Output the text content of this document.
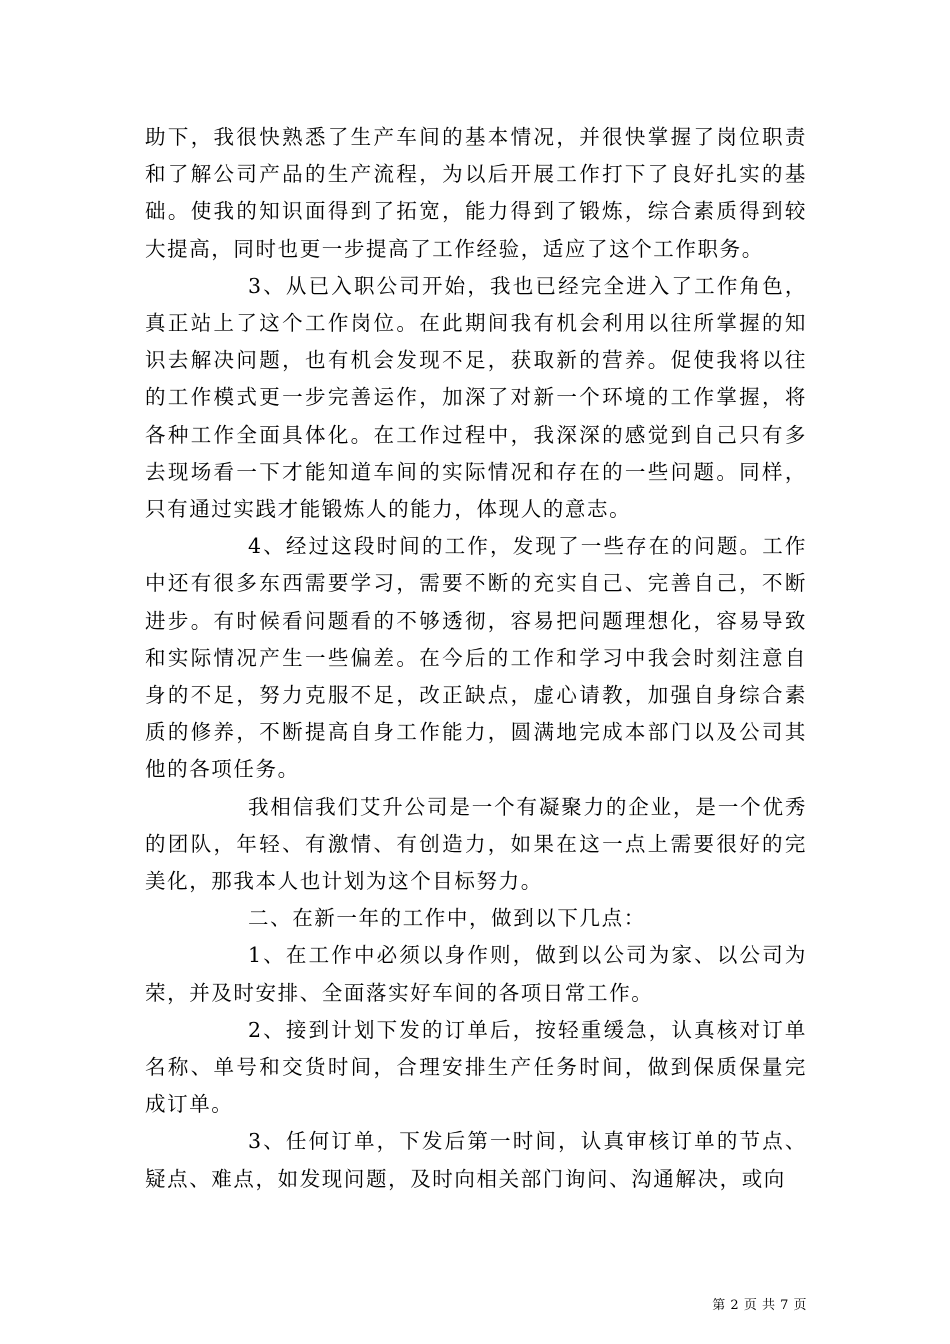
助下，我很快熟悉了生产车间的基本情况，并很快掌握了岗位职责和了解公司产品的生产流程，为以后开展工作打下了良好扎实的基础。使我的知识面得到了拓宽，能力得到了锻炼，综合素质得到较大提高，同时也更一步提高了工作经验，适应了这个工作职务。

3、从已入职公司开始，我也已经完全进入了工作角色，真正站上了这个工作岗位。在此期间我有机会利用以往所掌握的知识去解决问题，也有机会发现不足，获取新的营养。促使我将以往的工作模式更一步完善运作，加深了对新一个环境的工作掌握，将各种工作全面具体化。在工作过程中，我深深的感觉到自己只有多去现场看一下才能知道车间的实际情况和存在的一些问题。同样，只有通过实践才能锻炼人的能力，体现人的意志。

4、经过这段时间的工作，发现了一些存在的问题。工作中还有很多东西需要学习，需要不断的充实自己、完善自己，不断进步。有时候看问题看的不够透彻，容易把问题理想化，容易导致和实际情况产生一些偏差。在今后的工作和学习中我会时刻注意自身的不足，努力克服不足，改正缺点，虚心请教，加强自身综合素质的修养，不断提高自身工作能力，圆满地完成本部门以及公司其他的各项任务。

我相信我们艾升公司是一个有凝聚力的企业，是一个优秀的团队，年轻、有激情、有创造力，如果在这一点上需要很好的完美化，那我本人也计划为这个目标努力。

二、在新一年的工作中，做到以下几点：

1、在工作中必须以身作则，做到以公司为家、以公司为荣，并及时安排、全面落实好车间的各项日常工作。

2、接到计划下发的订单后，按轻重缓急，认真核对订单名称、单号和交货时间，合理安排生产任务时间，做到保质保量完成订单。

3、任何订单，下发后第一时间，认真审核订单的节点、疑点、难点，如发现问题，及时向相关部门询问、沟通解决，或向

第 2 页 共 7 页
